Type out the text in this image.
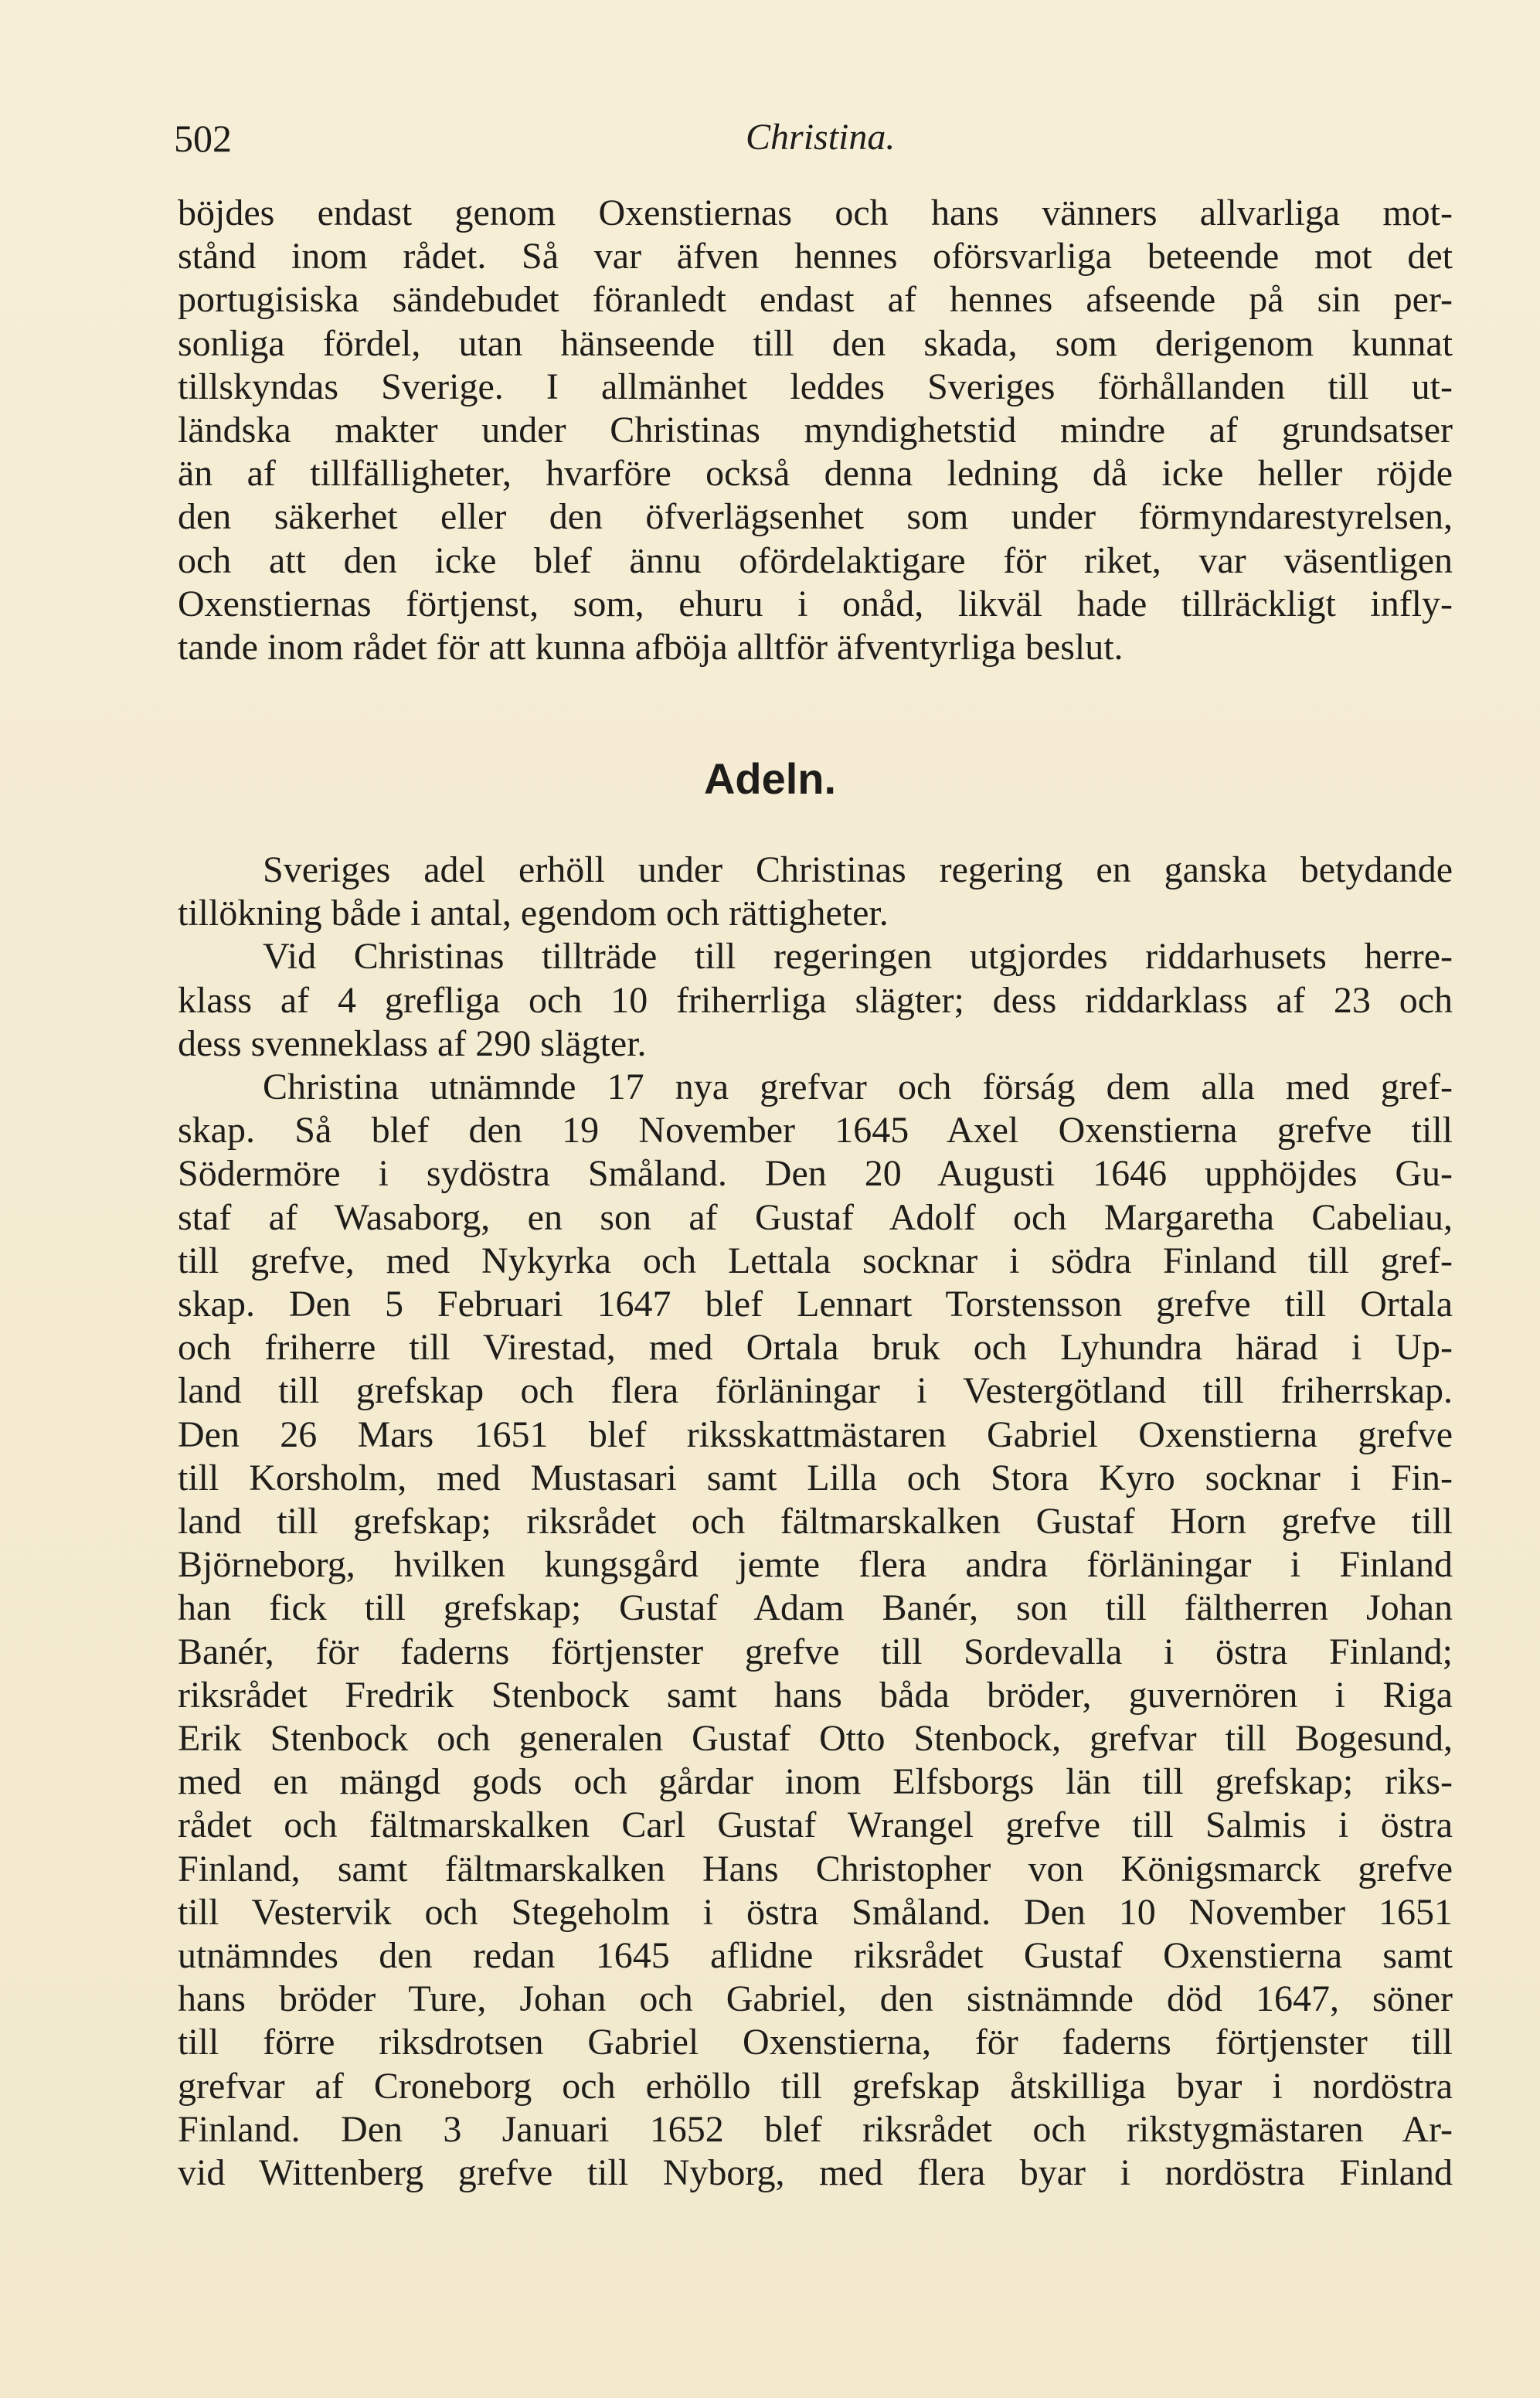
502	Christina.
böjdes endast genom Oxenstiernas och hans vänners allvarliga mot-
stånd inom rådet. Så var äfven hennes oförsvarliga beteende mot det
portugisiska sändebudet föranledt endast af hennes afseende på sin per-
sonliga fördel, utan hänseende till den skada, som derigenom kunnat
tillskyndas Sverige. I allmänhet leddes Sveriges förhållanden till ut-
ländska makter under Christinas myndighetstid mindre af grundsatser
än af tillfälligheter, hvarföre också denna ledning då icke heller röjde
den säkerhet eller den öfverlägsenhet som under förmyndarestyrelsen,
och att den icke blef ännu ofördelaktigare för riket, var väsentligen
Oxenstiernas förtjenst, som, ehuru i onåd, likväl hade tillräckligt infly-
tande inom rådet för att kunna afböja alltför äfventyrliga beslut.
Adeln.
Sveriges adel erhöll under Christinas regering en ganska betydande
tillökning både i antal, egendom och rättigheter.
Vid Christinas tillträde till regeringen utgjordes riddarhusets herre-
klass af 4 grefliga och 10 friherrliga slägter; dess riddarklass af 23 och
dess svenneklass af 290 slägter.
Christina utnämnde 17 nya grefvar och förság dem alla med gref-
skap. Så blef den 19 November 1645 Axel Oxenstierna grefve till
Södermöre i sydöstra Småland. Den 20 Augusti 1646 upphöjdes Gu-
staf af Wasaborg, en son af Gustaf Adolf och Margaretha Cabeliau,
till grefve, med Nykyrka och Lettala socknar i södra Finland till gref-
skap. Den 5 Februari 1647 blef Lennart Torstensson grefve till Ortala
och friherre till Virestad, med Ortala bruk och Lyhundra härad i Up-
land till grefskap och flera förläningar i Vestergötland till friherrskap.
Den 26 Mars 1651 blef riksskattmästaren Gabriel Oxenstierna grefve
till Korsholm, med Mustasari samt Lilla och Stora Kyro socknar i Fin-
land till grefskap; riksrådet och fältmarskalken Gustaf Horn grefve till
Björneborg, hvilken kungsgård jemte flera andra förläningar i Finland
han fick till grefskap; Gustaf Adam Banér, son till fältherren Johan
Banér, för faderns förtjenster grefve till Sordevalla i östra Finland;
riksrådet Fredrik Stenbock samt hans båda bröder, guvernören i Riga
Erik Stenbock och generalen Gustaf Otto Stenbock, grefvar till Bogesund,
med en mängd gods och gårdar inom Elfsborgs län till grefskap; riks-
rådet och fältmarskalken Carl Gustaf Wrangel grefve till Salmis i östra
Finland, samt fältmarskalken Hans Christopher von Königsmarck grefve
till Vestervik och Stegeholm i östra Småland. Den 10 November 1651
utnämndes den redan 1645 aflidne riksrådet Gustaf Oxenstierna samt
hans bröder Ture, Johan och Gabriel, den sistnämnde död 1647, söner
till förre riksdrotsen Gabriel Oxenstierna, för faderns förtjenster till
grefvar af Croneborg och erhöllo till grefskap åtskilliga byar i nordöstra
Finland. Den 3 Januari 1652 blef riksrådet och rikstygmästaren Ar-
vid Wittenberg grefve till Nyborg, med flera byar i nordöstra Finland
